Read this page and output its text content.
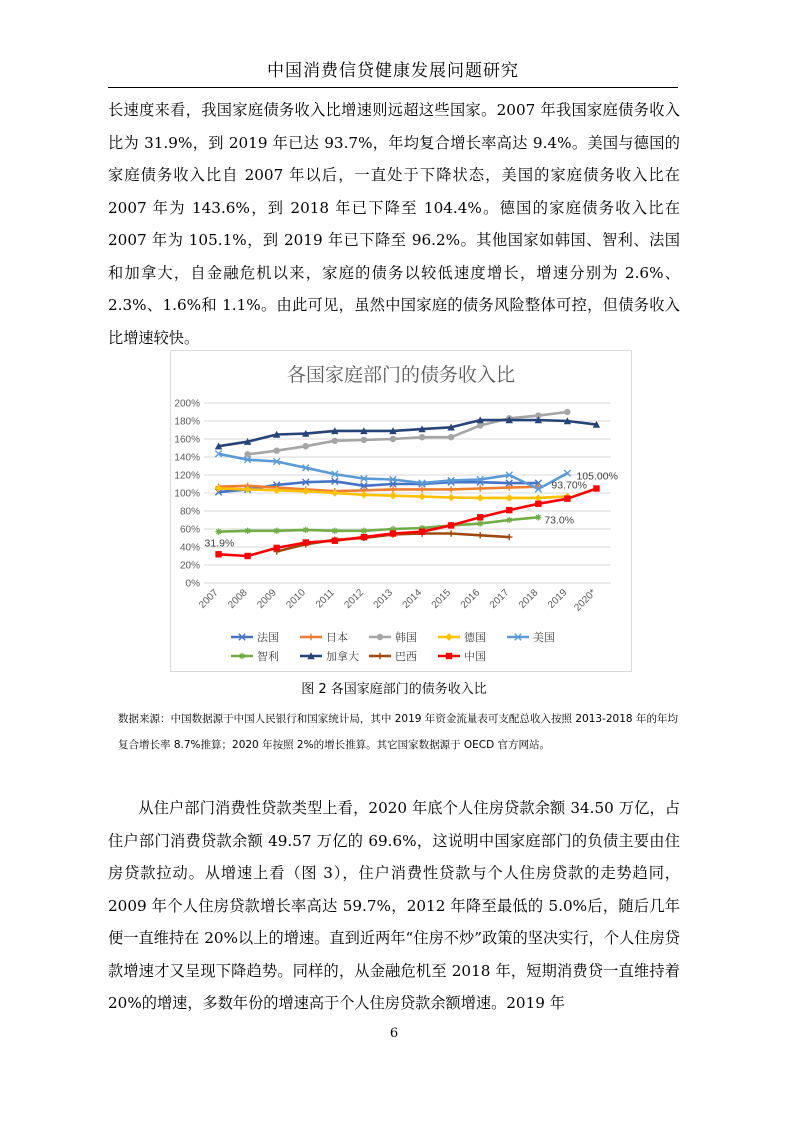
中国消费信贷健康发展问题研究

长速度来看，我国家庭债务收入比增速则远超这些国家。2007 年我国家庭债务收入比为 31.9%，到 2019 年已达 93.7%，年均复合增长率高达 9.4%。美国与德国的家庭债务收入比自 2007 年以后，一直处于下降状态，美国的家庭债务收入比在 2007 年为 143.6%，到 2018 年已下降至 104.4%。德国的家庭债务收入比在 2007 年为 105.1%，到 2019 年已下降至 96.2%。其他国家如韩国、智利、法国和加拿大，自金融危机以来，家庭的债务以较低速度增长，增速分别为 2.6%、2.3%、1.6%和 1.1%。由此可见，虽然中国家庭的债务风险整体可控，但债务收入比增速较快。

各国家庭部门的债务收入比
0%
20%
40%
60%
80%
100%
120%
140%
160%
180%
200%
2007 2008 2009 2010 2011 2012 2013 2014 2015 2016 2017 2018 2019 2020*
31.9%
93.70%
105.00%
73.0%
法国	日本	韩国	德国	美国
智利	加拿大	巴西	中国
图 2 各国家庭部门的债务收入比

数据来源：中国数据源于中国人民银行和国家统计局，其中 2019 年资金流量表可支配总收入按照 2013-2018 年的年均复合增长率 8.7%推算；2020 年按照 2%的增长推算。其它国家数据源于 OECD 官方网站。

从住户部门消费性贷款类型上看，2020 年底个人住房贷款余额 34.50 万亿，占住户部门消费贷款余额 49.57 万亿的 69.6%，这说明中国家庭部门的负债主要由住房贷款拉动。从增速上看（图 3），住户消费性贷款与个人住房贷款的走势趋同，2009 年个人住房贷款增长率高达 59.7%，2012 年降至最低的 5.0%后，随后几年便一直维持在 20%以上的增速。直到近两年“住房不炒”政策的坚决实行，个人住房贷款增速才又呈现下降趋势。同样的，从金融危机至 2018 年，短期消费贷一直维持着 20%的增速，多数年份的增速高于个人住房贷款余额增速。2019 年

6
